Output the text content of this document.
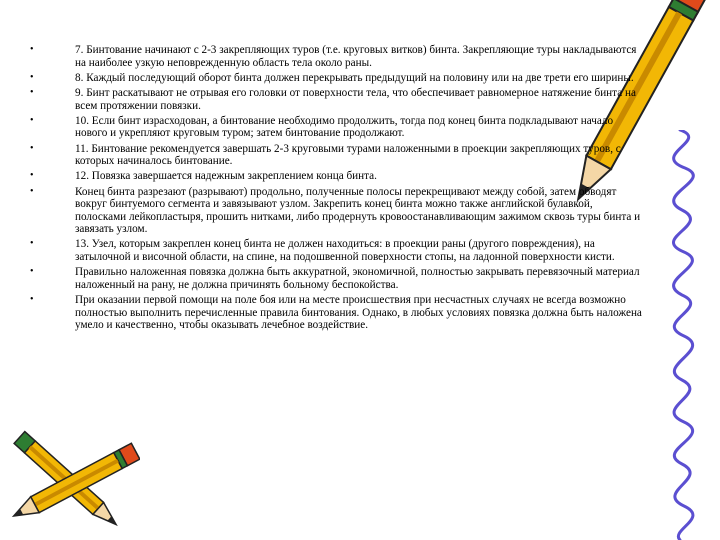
•	7. Бинтование начинают с 2-3 закрепляющих туров (т.е. круговых витков) бинта. Закрепляющие туры накладываются на наиболее узкую неповрежденную область тела около раны.
•	8. Каждый последующий оборот бинта должен перекрывать предыдущий на половину или на две трети его ширины.
•	9. Бинт раскатывают не отрывая его головки от поверхности тела, что обеспечивает равномерное натяжение бинта на всем протяжении повязки.
•	10. Если бинт израсходован, а бинтование необходимо продолжить, тогда под конец бинта подкладывают начало нового и укрепляют круговым туром; затем бинтование продолжают.
•	11. Бинтование рекомендуется завершать 2-3 круговыми турами наложенными в проекции закрепляющих туров, с которых начиналось бинтование.
•	12. Повязка завершается надежным закреплением конца бинта.
•	Конец бинта разрезают (разрывают) продольно, полученные полосы перекрещивают между собой, затем обводят вокруг бинтуемого сегмента и завязывают узлом. Закрепить конец бинта можно также английской булавкой, полосками лейкопластыря, прошить нитками, либо продернуть кровоостанавливающим зажимом сквозь туры бинта и завязать узлом.
•	13. Узел, которым закреплен конец бинта не должен находиться: в проекции раны (другого повреждения), на затылочной и височной области, на спине, на подошвенной поверхности стопы, на ладонной поверхности кисти.
•	Правильно наложенная повязка должна быть аккуратной, экономичной, полностью закрывать перевязочный материал наложенный на рану, не должна причинять больному беспокойства.
•	При оказании первой помощи на поле боя или на месте происшествия при несчастных случаях не всегда возможно полностью выполнить перечисленные правила бинтования. Однако, в любых условиях повязка должна быть наложена умело и качественно, чтобы оказывать лечебное воздействие.
